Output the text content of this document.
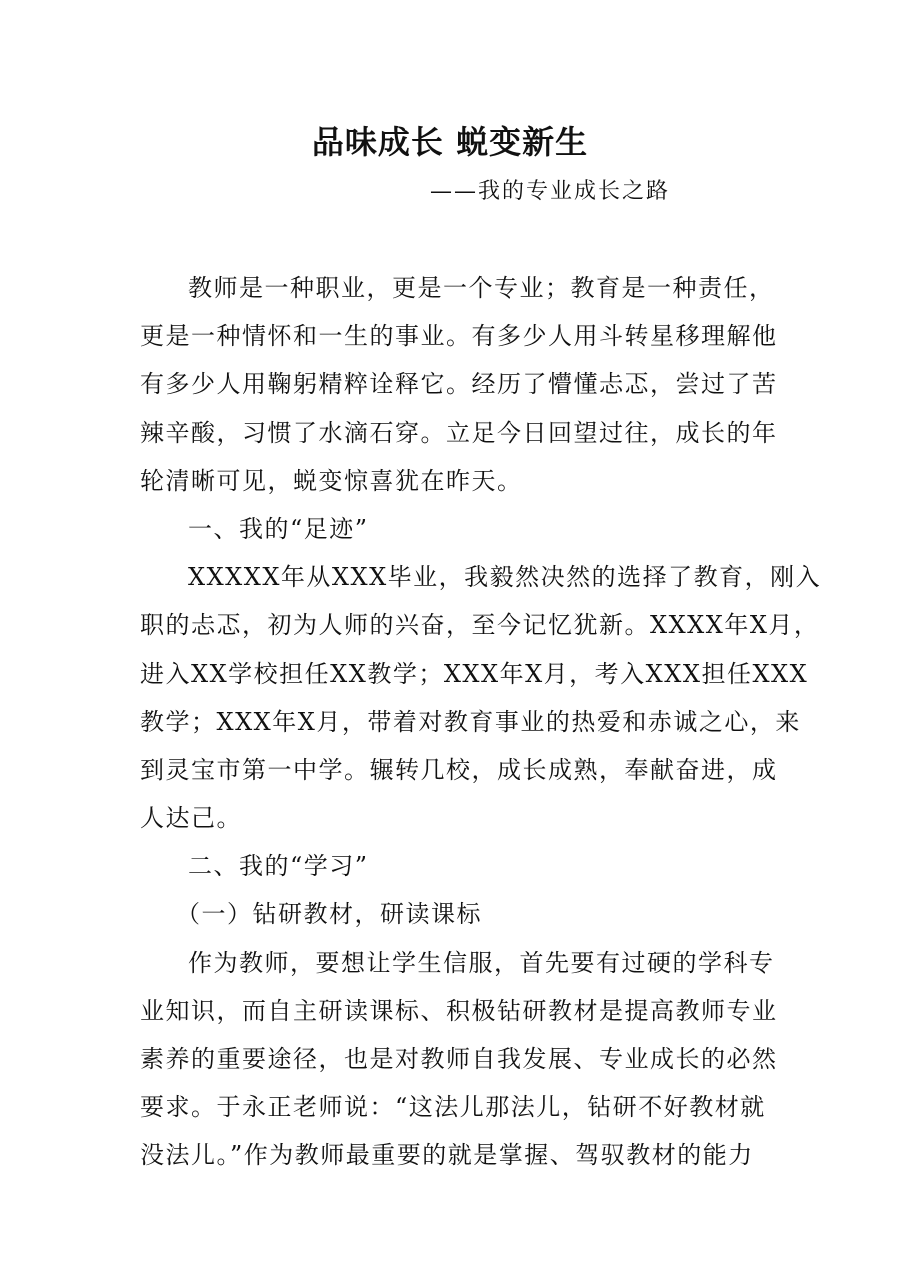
品味成长 蜕变新生

——我的专业成长之路

教师是一种职业，更是一个专业；教育是一种责任，
更是一种情怀和一生的事业。有多少人用斗转星移理解他
有多少人用鞠躬精粹诠释它。经历了懵懂忐忑，尝过了苦
辣辛酸，习惯了水滴石穿。立足今日回望过往，成长的年
轮清晰可见，蜕变惊喜犹在昨天。
一、我的“足迹”
XXXXX年从XXX毕业，我毅然决然的选择了教育，刚入
职的忐忑，初为人师的兴奋，至今记忆犹新。XXXX年X月，
进入XX学校担任XX教学；XXX年X月，考入XXX担任XXX
教学；XXX年X月，带着对教育事业的热爱和赤诚之心，来
到灵宝市第一中学。辗转几校，成长成熟，奉献奋进，成
人达己。
二、我的“学习”
（一）钻研教材，研读课标
作为教师，要想让学生信服，首先要有过硬的学科专
业知识，而自主研读课标、积极钻研教材是提高教师专业
素养的重要途径，也是对教师自我发展、专业成长的必然
要求。于永正老师说：“这法儿那法儿，钻研不好教材就
没法儿。”作为教师最重要的就是掌握、驾驭教材的能力
